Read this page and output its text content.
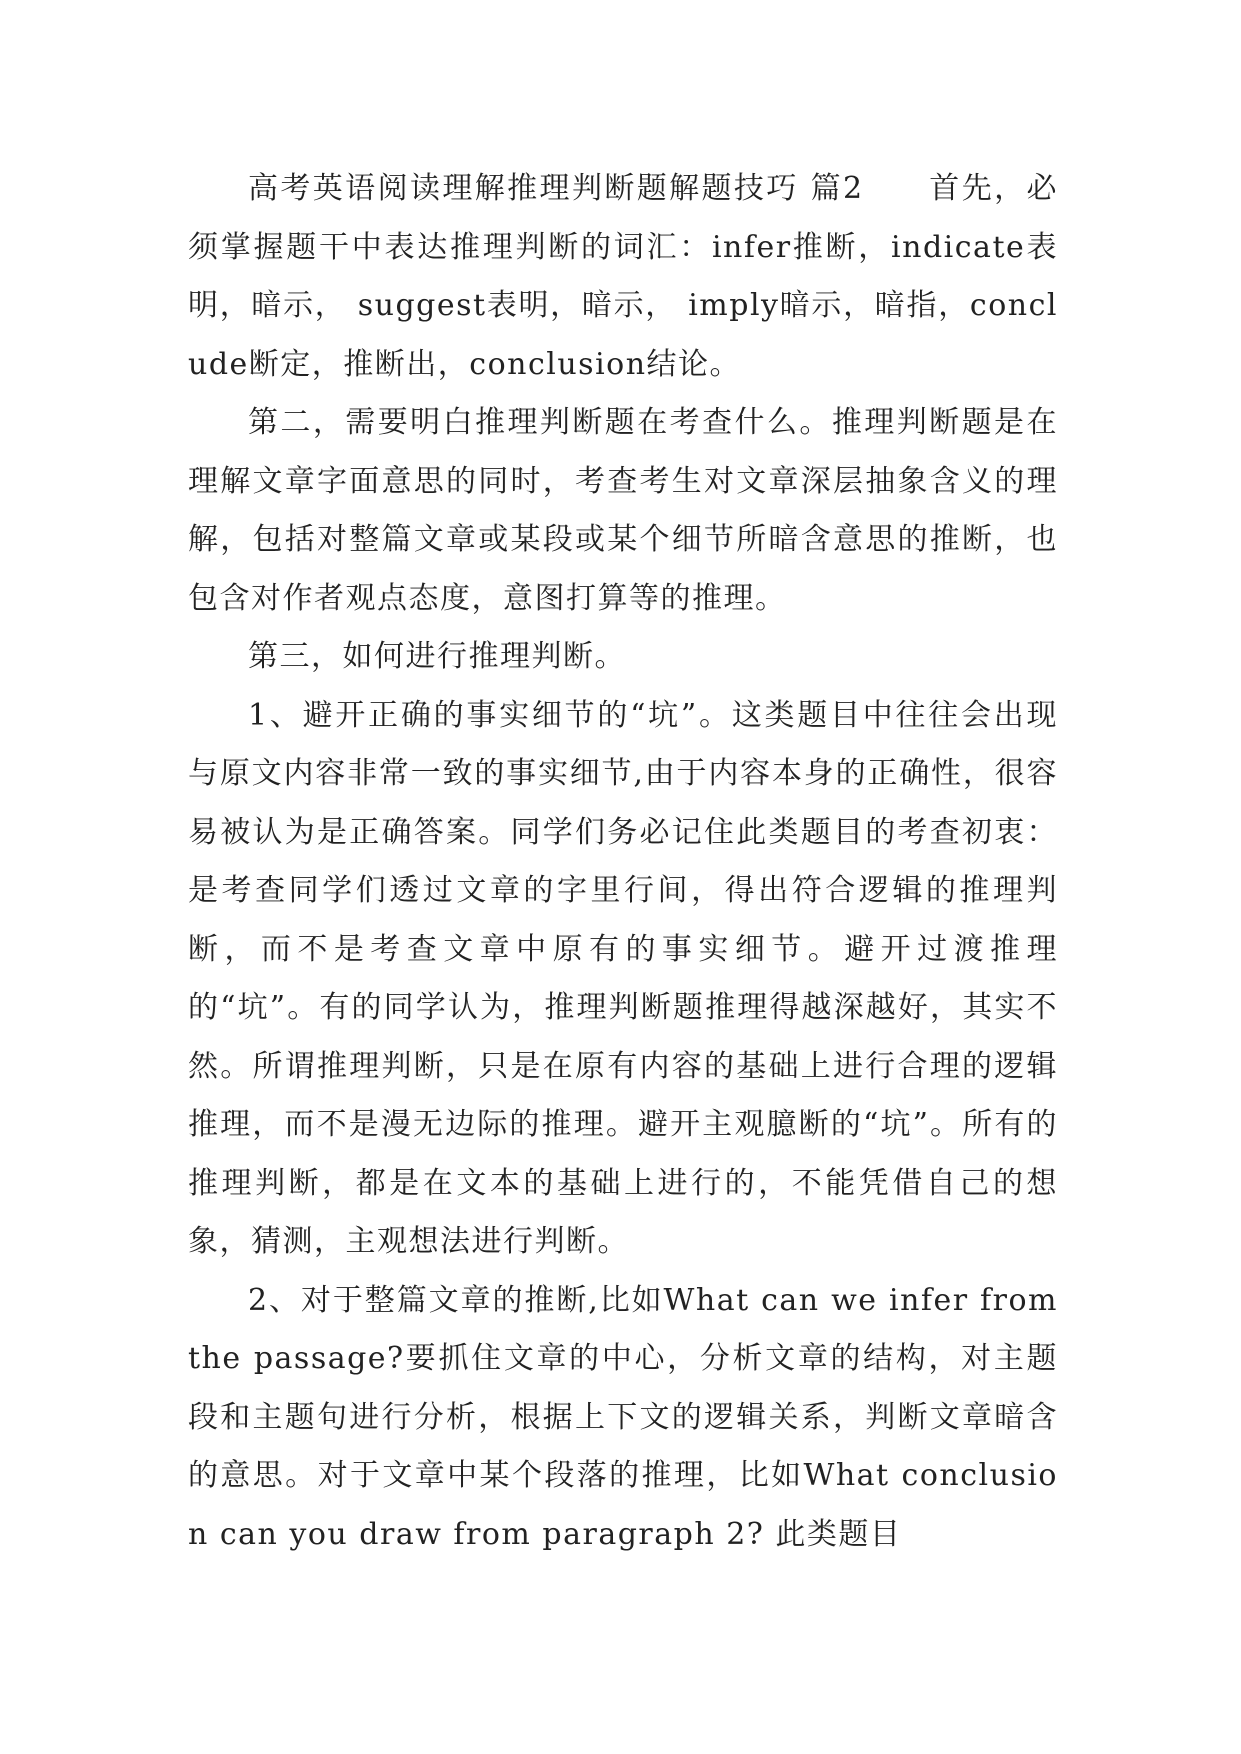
高考英语阅读理解推理判断题解题技巧 篇2　　首先，必须掌握题干中表达推理判断的词汇：infer推断，indicate表明，暗示， suggest表明，暗示， imply暗示，暗指，conclude断定，推断出，conclusion结论。

第二，需要明白推理判断题在考查什么。推理判断题是在理解文章字面意思的同时，考查考生对文章深层抽象含义的理解，包括对整篇文章或某段或某个细节所暗含意思的推断，也包含对作者观点态度，意图打算等的推理。

第三，如何进行推理判断。

1、避开正确的事实细节的“坑”。这类题目中往往会出现与原文内容非常一致的事实细节,由于内容本身的正确性，很容易被认为是正确答案。同学们务必记住此类题目的考查初衷：是考查同学们透过文章的字里行间，得出符合逻辑的推理判断，而不是考查文章中原有的事实细节。避开过渡推理的“坑”。有的同学认为，推理判断题推理得越深越好，其实不然。所谓推理判断，只是在原有内容的基础上进行合理的逻辑推理，而不是漫无边际的推理。避开主观臆断的“坑”。所有的推理判断，都是在文本的基础上进行的，不能凭借自己的想象，猜测，主观想法进行判断。

2、对于整篇文章的推断,比如What can we infer from the passage?要抓住文章的中心，分析文章的结构，对主题段和主题句进行分析，根据上下文的逻辑关系，判断文章暗含的意思。对于文章中某个段落的推理，比如What conclusion can you draw from paragraph 2? 此类题目
